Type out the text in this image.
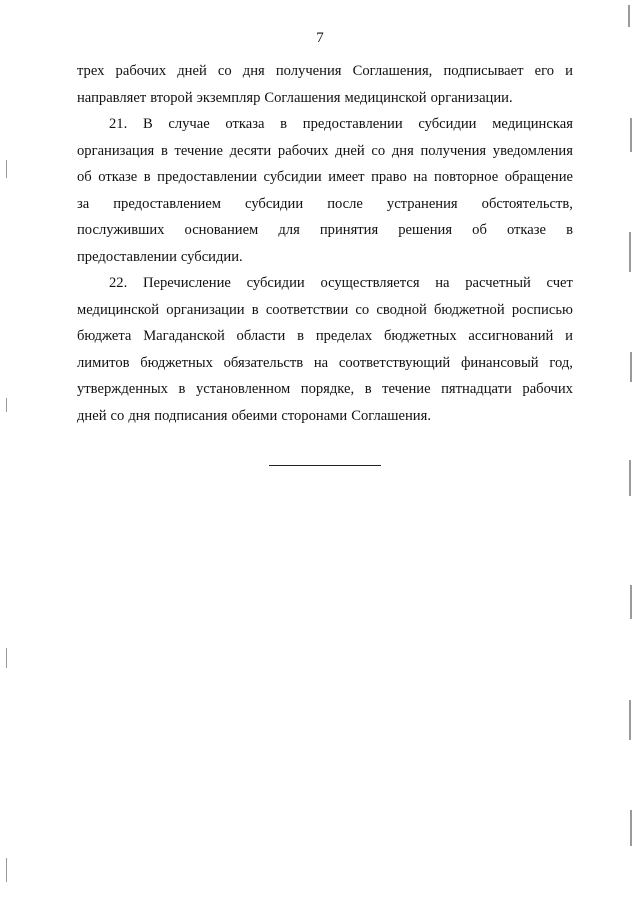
7
трех рабочих дней со дня получения Соглашения, подписывает его и
направляет второй экземпляр Соглашения медицинской организации.
21. В случае отказа в предоставлении субсидии медицинская
организация в течение десяти рабочих дней со дня получения уведомления
об отказе в предоставлении субсидии имеет право на повторное обращение
за предоставлением субсидии после устранения обстоятельств,
послуживших основанием для принятия решения об отказе в
предоставлении субсидии.
22. Перечисление субсидии осуществляется на расчетный счет
медицинской организации в соответствии со сводной бюджетной росписью
бюджета Магаданской области в пределах бюджетных ассигнований и
лимитов бюджетных обязательств на соответствующий финансовый год,
утвержденных в установленном порядке, в течение пятнадцати рабочих
дней со дня подписания обеими сторонами Соглашения.
